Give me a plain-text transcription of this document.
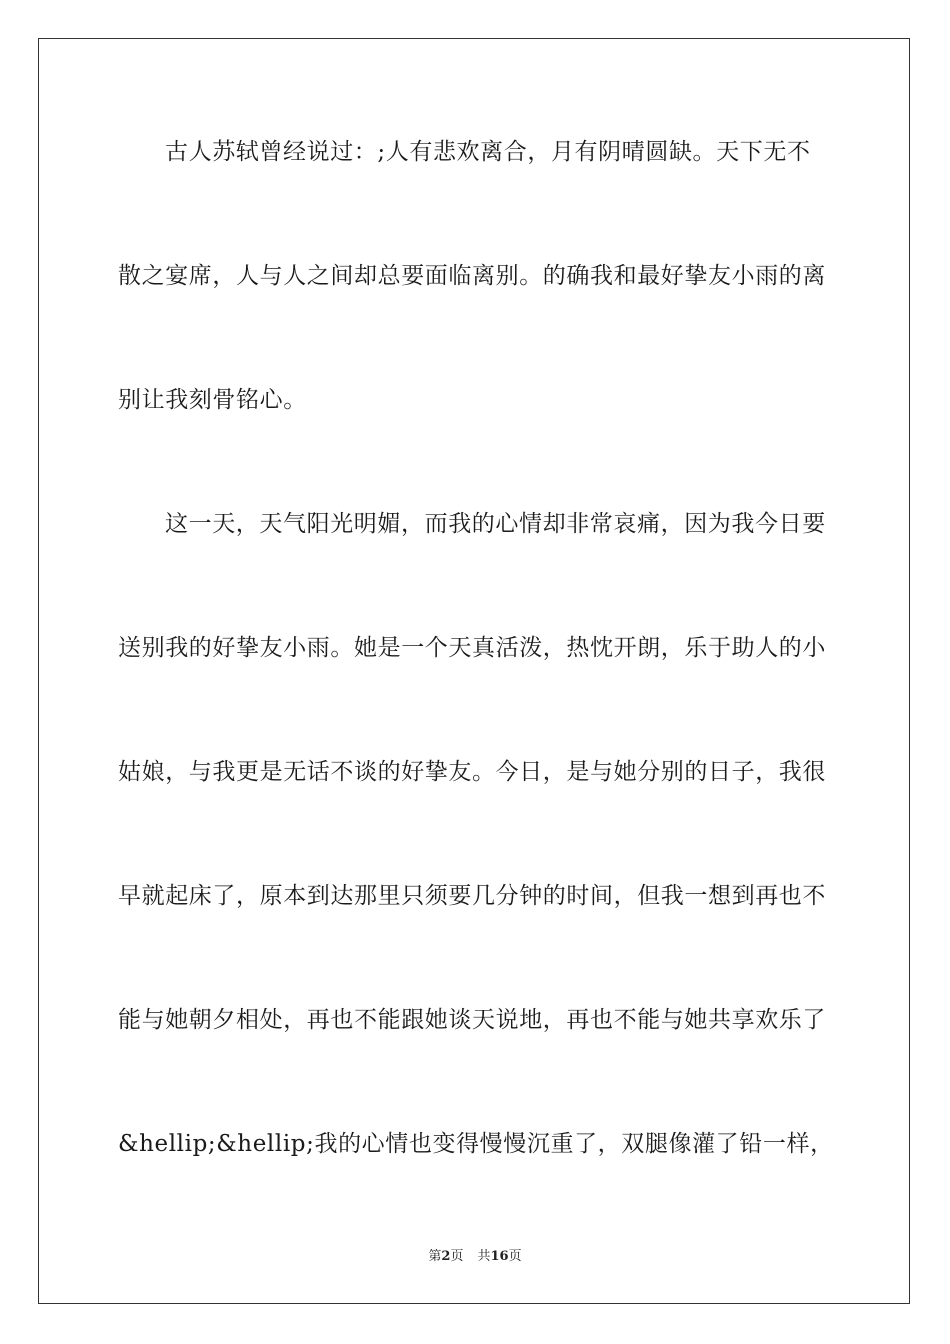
古人苏轼曾经说过：;人有悲欢离合，月有阴晴圆缺。天下无不
散之宴席，人与人之间却总要面临离别。的确我和最好挚友小雨的离
别让我刻骨铭心。
这一天，天气阳光明媚，而我的心情却非常哀痛，因为我今日要
送别我的好挚友小雨。她是一个天真活泼，热忱开朗，乐于助人的小
姑娘，与我更是无话不谈的好挚友。今日，是与她分别的日子，我很
早就起床了，原本到达那里只须要几分钟的时间，但我一想到再也不
能与她朝夕相处，再也不能跟她谈天说地，再也不能与她共享欢乐了
&hellip;&hellip;我的心情也变得慢慢沉重了，双腿像灌了铅一样，
第2页 共16页
